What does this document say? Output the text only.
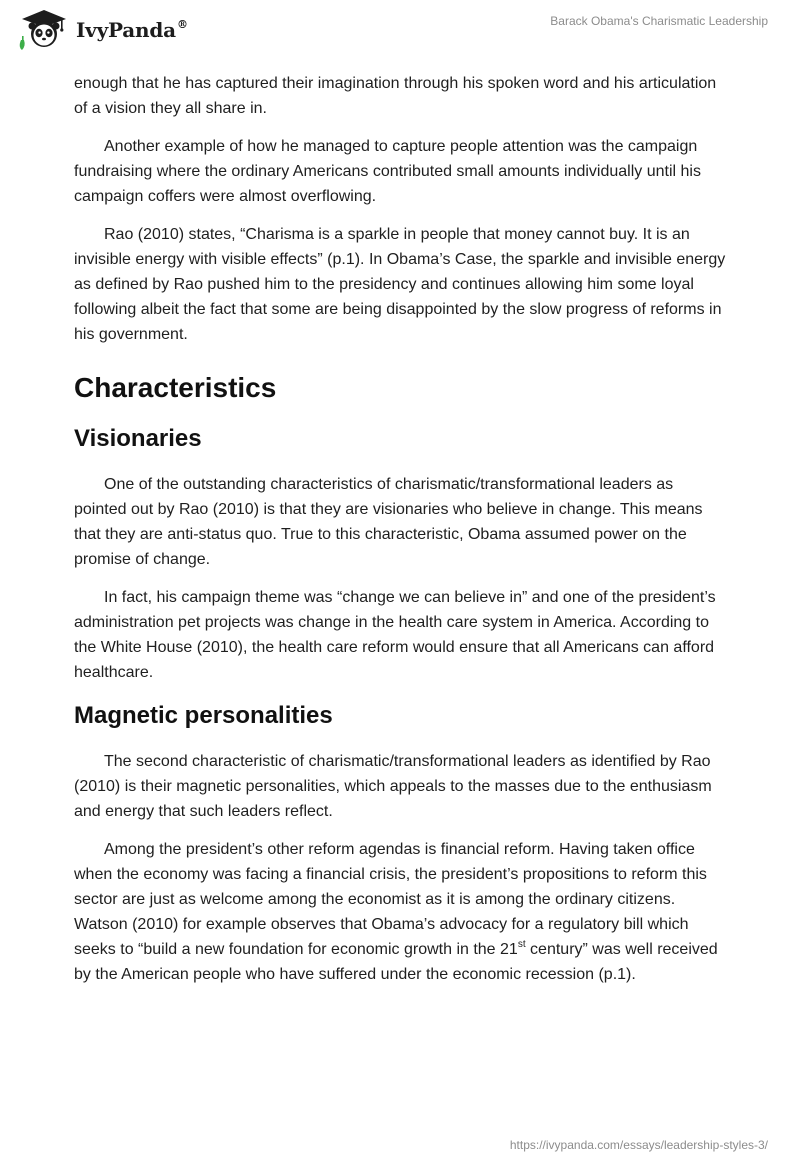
IvyPanda®	Barack Obama's Charismatic Leadership

enough that he has captured their imagination through his spoken word and his articulation of a vision they all share in.

Another example of how he managed to capture people attention was the campaign fundraising where the ordinary Americans contributed small amounts individually until his campaign coffers were almost overflowing.

Rao (2010) states, “Charisma is a sparkle in people that money cannot buy. It is an invisible energy with visible effects” (p.1). In Obama’s Case, the sparkle and invisible energy as defined by Rao pushed him to the presidency and continues allowing him some loyal following albeit the fact that some are being disappointed by the slow progress of reforms in his government.

Characteristics
Visionaries

One of the outstanding characteristics of charismatic/transformational leaders as pointed out by Rao (2010) is that they are visionaries who believe in change. This means that they are anti-status quo. True to this characteristic, Obama assumed power on the promise of change.

In fact, his campaign theme was “change we can believe in” and one of the president’s administration pet projects was change in the health care system in America. According to the White House (2010), the health care reform would ensure that all Americans can afford healthcare.

Magnetic personalities

The second characteristic of charismatic/transformational leaders as identified by Rao (2010) is their magnetic personalities, which appeals to the masses due to the enthusiasm and energy that such leaders reflect.

Among the president’s other reform agendas is financial reform. Having taken office when the economy was facing a financial crisis, the president’s propositions to reform this sector are just as welcome among the economist as it is among the ordinary citizens. Watson (2010) for example observes that Obama’s advocacy for a regulatory bill which seeks to “build a new foundation for economic growth in the 21st century” was well received by the American people who have suffered under the economic recession (p.1).

https://ivypanda.com/essays/leadership-styles-3/
